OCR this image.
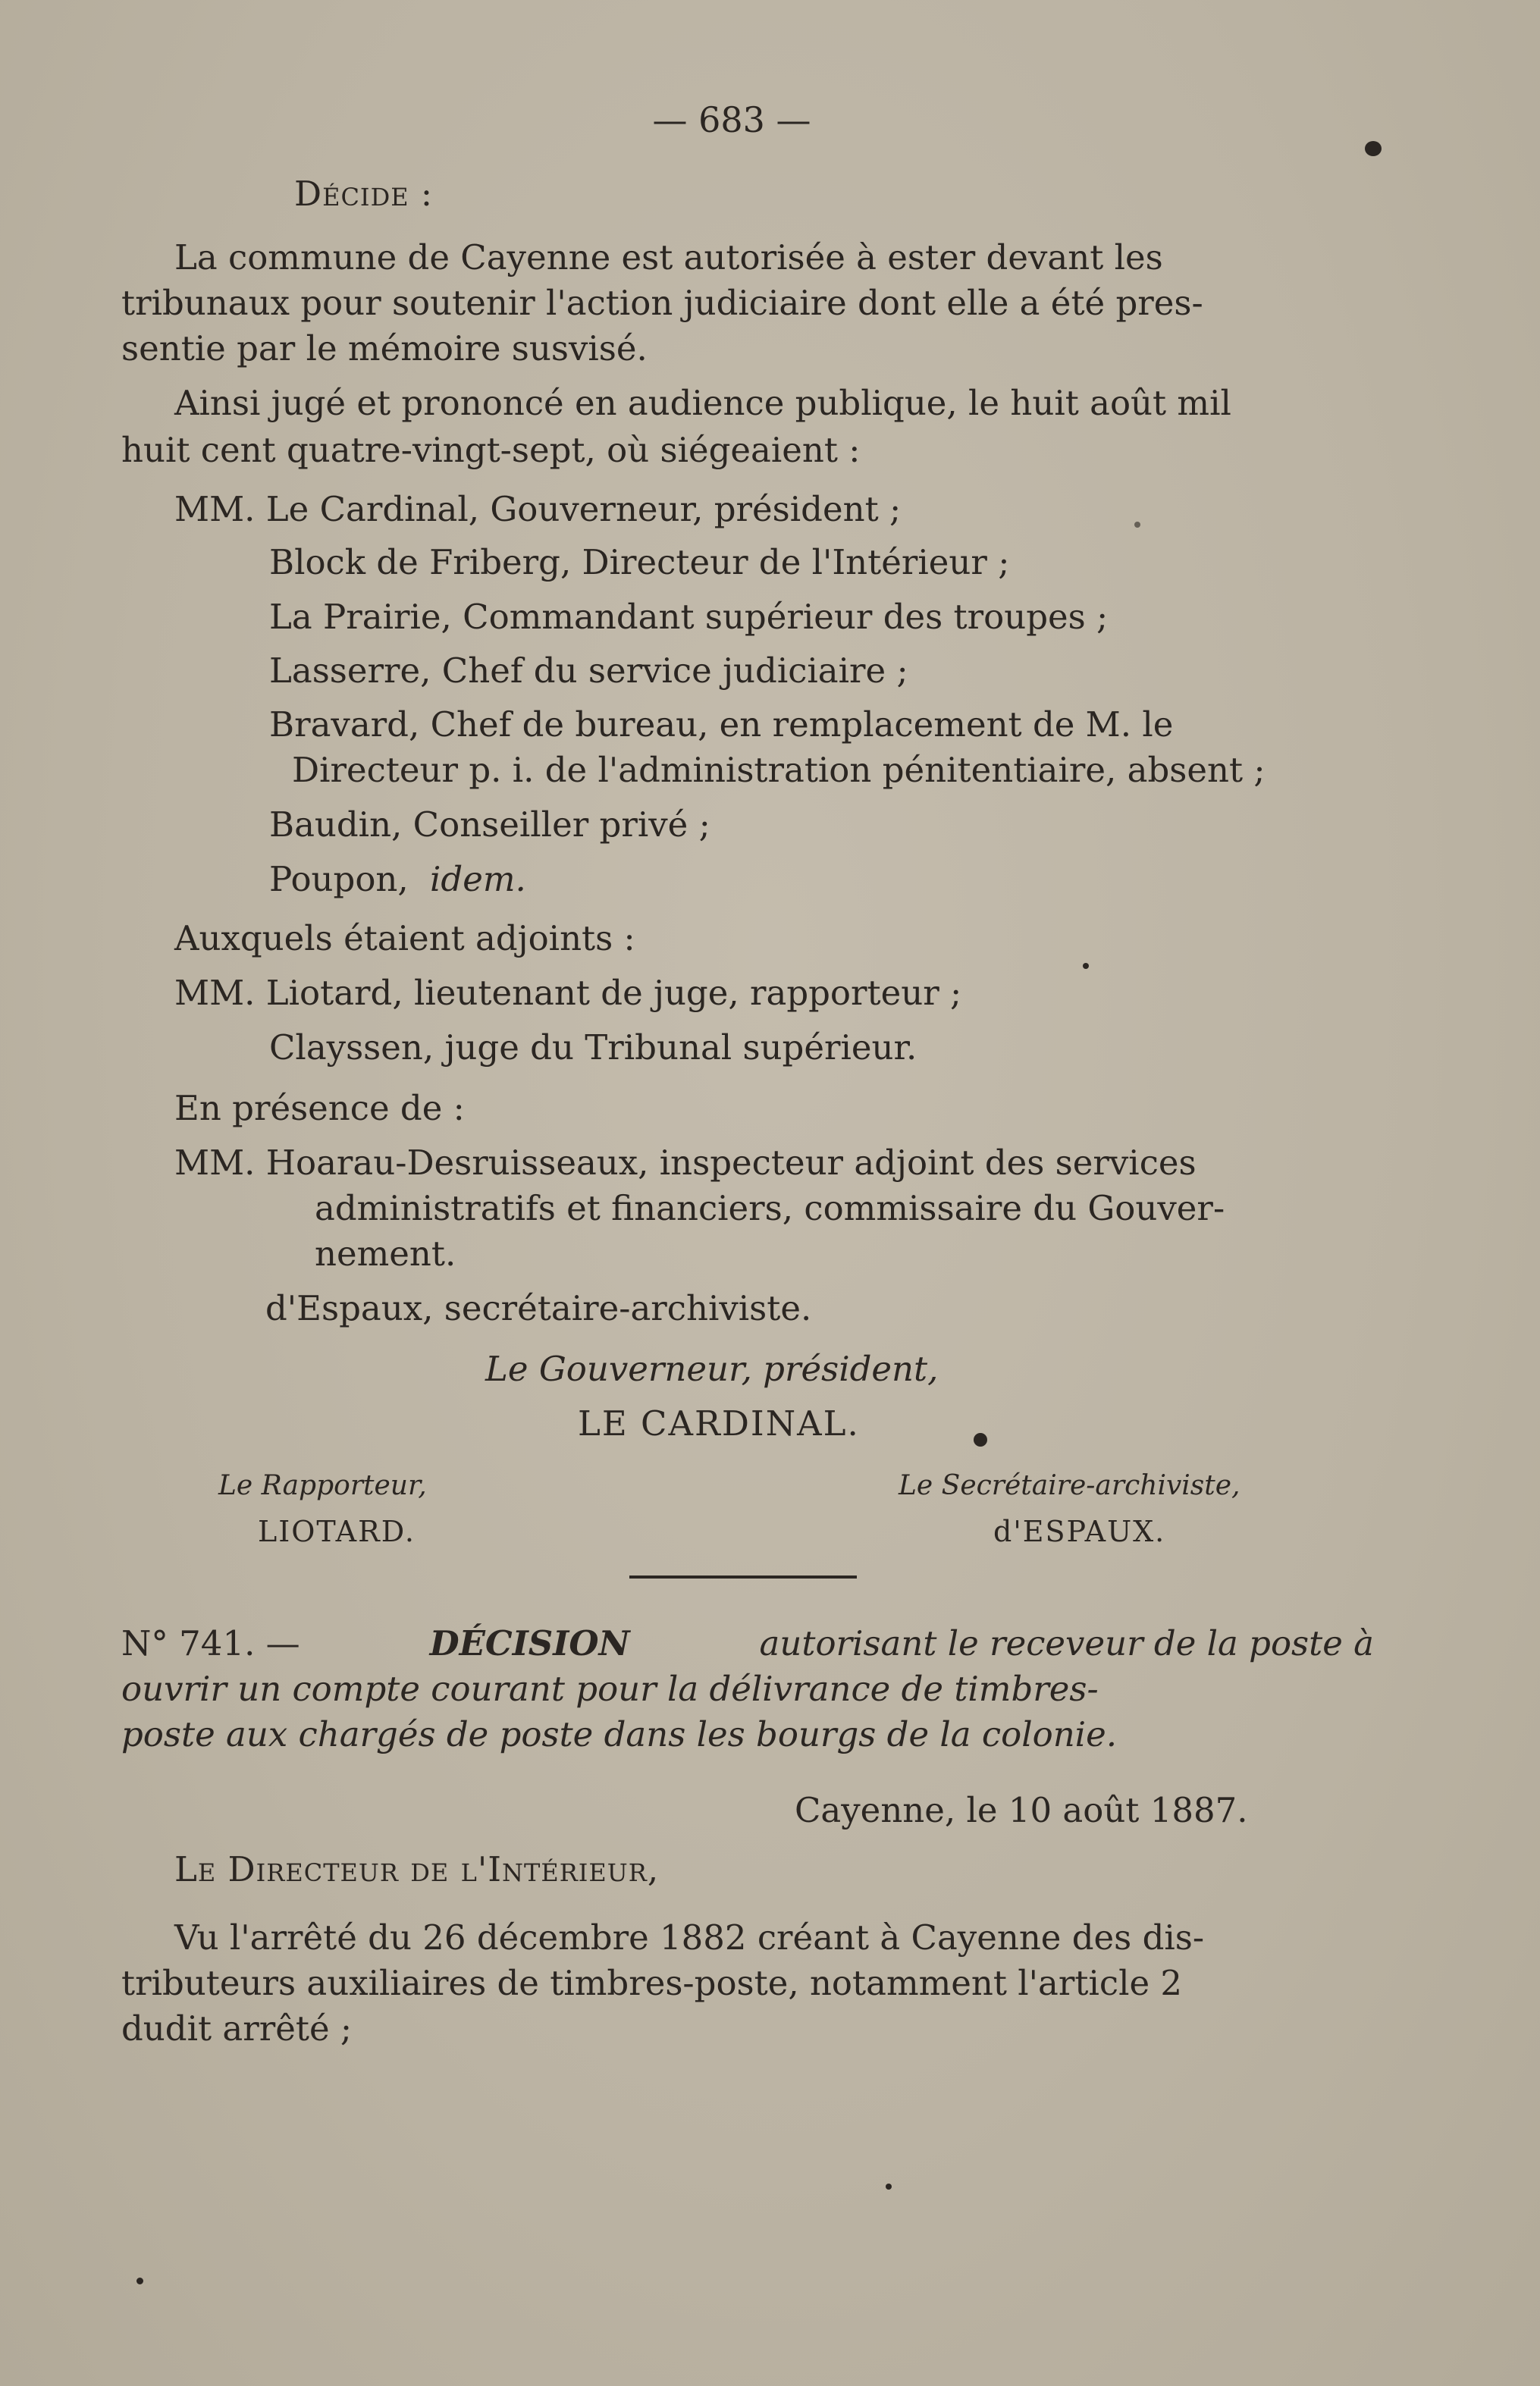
— 683 —
Décide :
La commune de Cayenne est autorisée à ester devant les
tribunaux pour soutenir l'action judiciaire dont elle a été pres-
sentie par le mémoire susvisé.
Ainsi jugé et prononcé en audience publique, le huit août mil
huit cent quatre-vingt-sept, où siégeaient :
MM. Le Cardinal, Gouverneur, président ;
Block de Friberg, Directeur de l'Intérieur ;
La Prairie, Commandant supérieur des troupes ;
Lasserre, Chef du service judiciaire ;
Bravard, Chef de bureau, en remplacement de M. le
Directeur p. i. de l'administration pénitentiaire, absent ;
Baudin, Conseiller privé ;
Poupon, idem.
Auxquels étaient adjoints :
MM. Liotard, lieutenant de juge, rapporteur ;
Clayssen, juge du Tribunal supérieur.
En présence de :
MM. Hoarau-Desruisseaux, inspecteur adjoint des services
administratifs et financiers, commissaire du Gouver-
nement.
d'Espaux, secrétaire-archiviste.
Le Gouverneur, président,
LE CARDINAL.
Le Rapporteur,
LIOTARD.
Le Secrétaire-archiviste,
d'ESPAUX.
N° 741. —	DÉCISION	autorisant le receveur de la poste à
ouvrir un compte courant pour la délivrance de timbres-
poste aux chargés de poste dans les bourgs de la colonie.
Cayenne, le 10 août 1887.
Le Directeur de l'Intérieur,
Vu l'arrêté du 26 décembre 1882 créant à Cayenne des dis-
tributeurs auxiliaires de timbres-poste, notamment l'article 2
dudit arrêté ;
